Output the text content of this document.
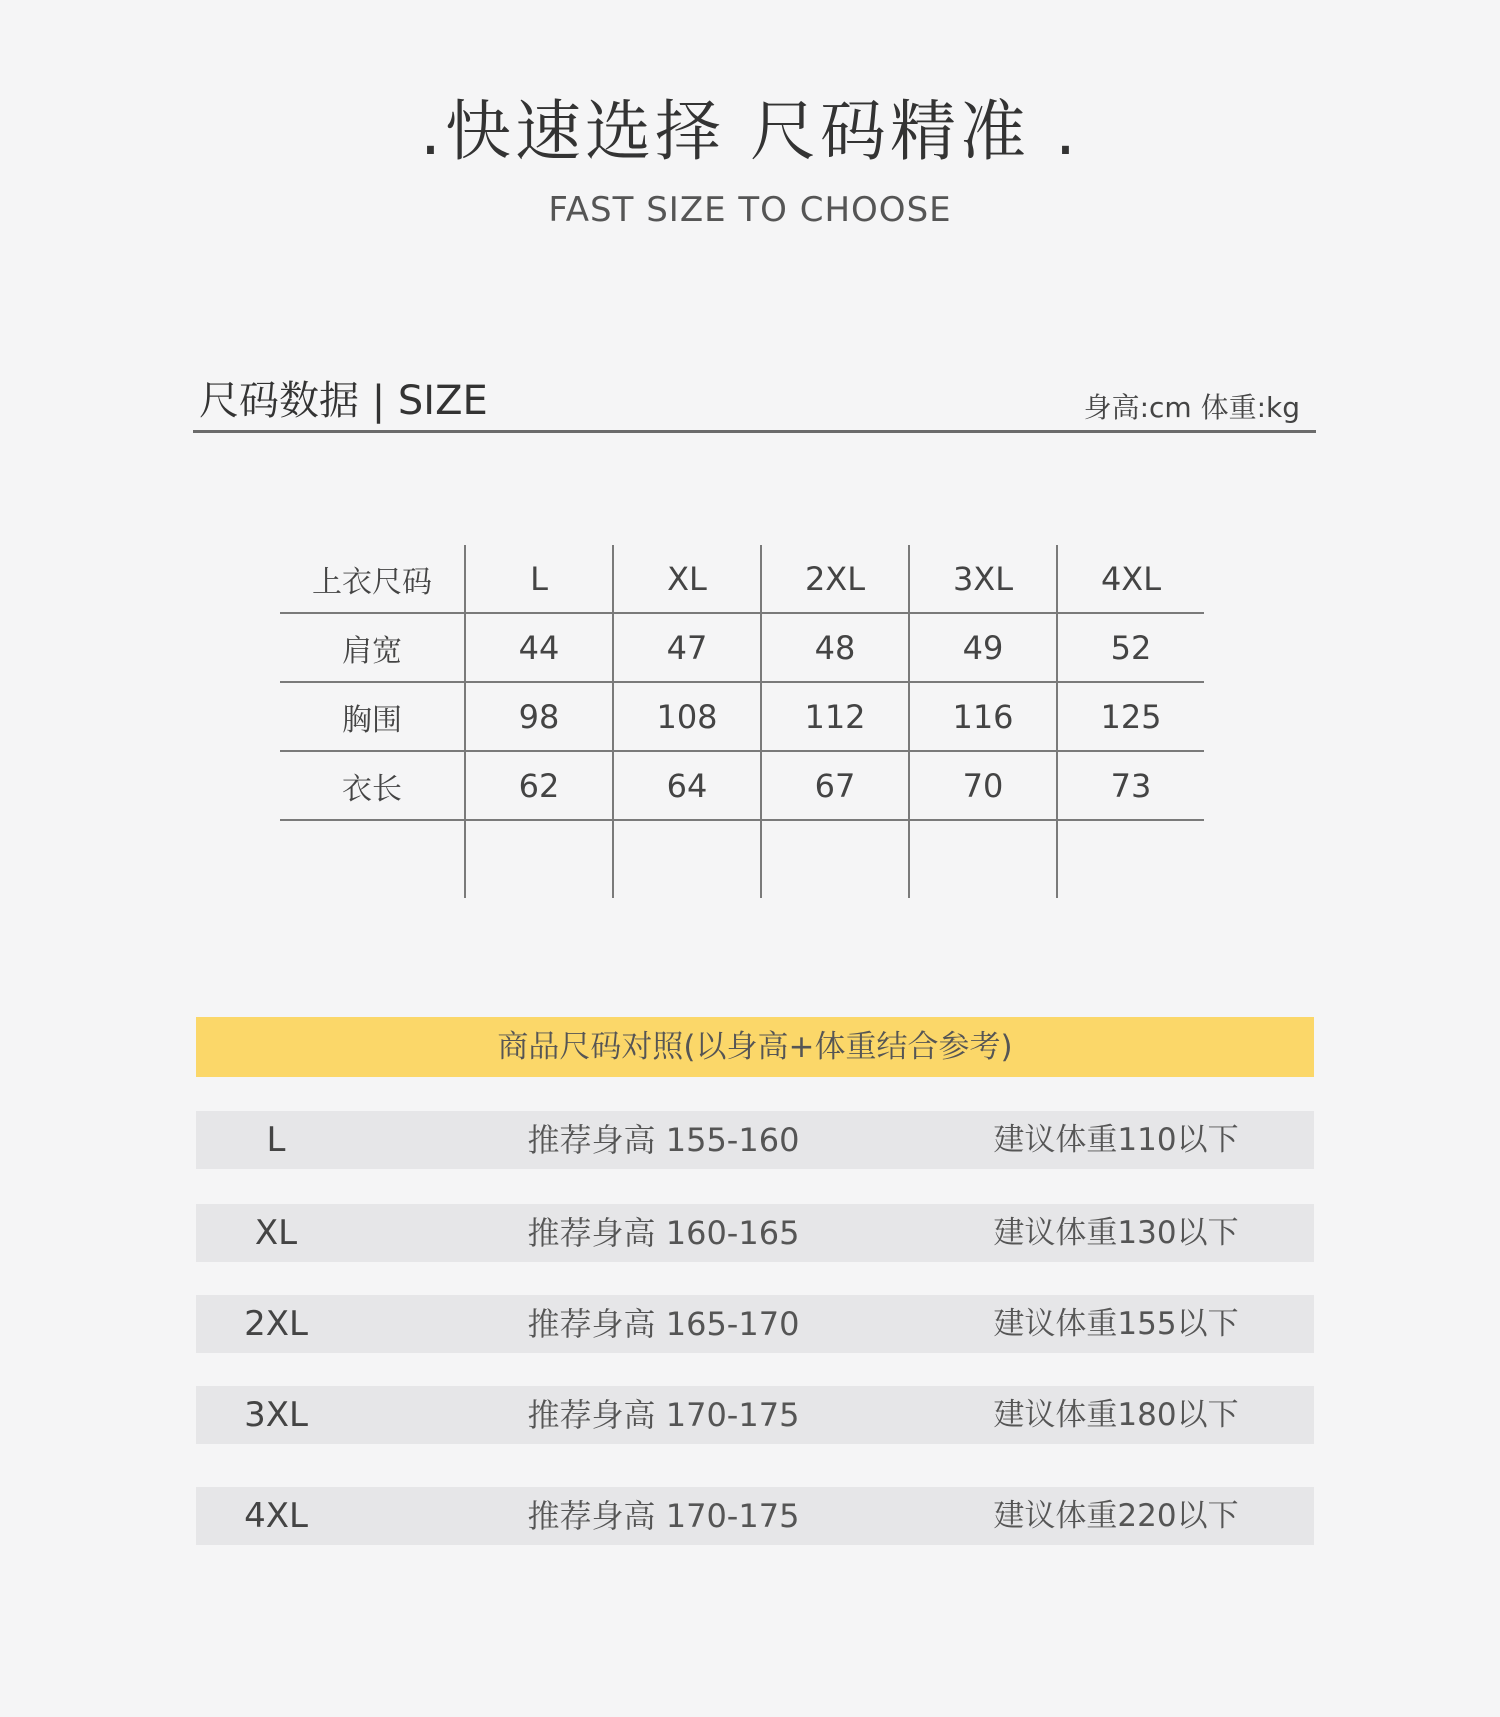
.快速选择 尺码精准 .
FAST SIZE TO CHOOSE
尺码数据 | SIZE	身高:cm 体重:kg
上衣尺码	L	XL	2XL	3XL	4XL
肩宽	44	47	48	49	52
胸围	98	108	112	116	125
衣长	62	64	67	70	73

商品尺码对照(以身高+体重结合参考)
L	推荐身高 155-160	建议体重110以下
XL	推荐身高 160-165	建议体重130以下
2XL	推荐身高 165-170	建议体重155以下
3XL	推荐身高 170-175	建议体重180以下
4XL	推荐身高 170-175	建议体重220以下
